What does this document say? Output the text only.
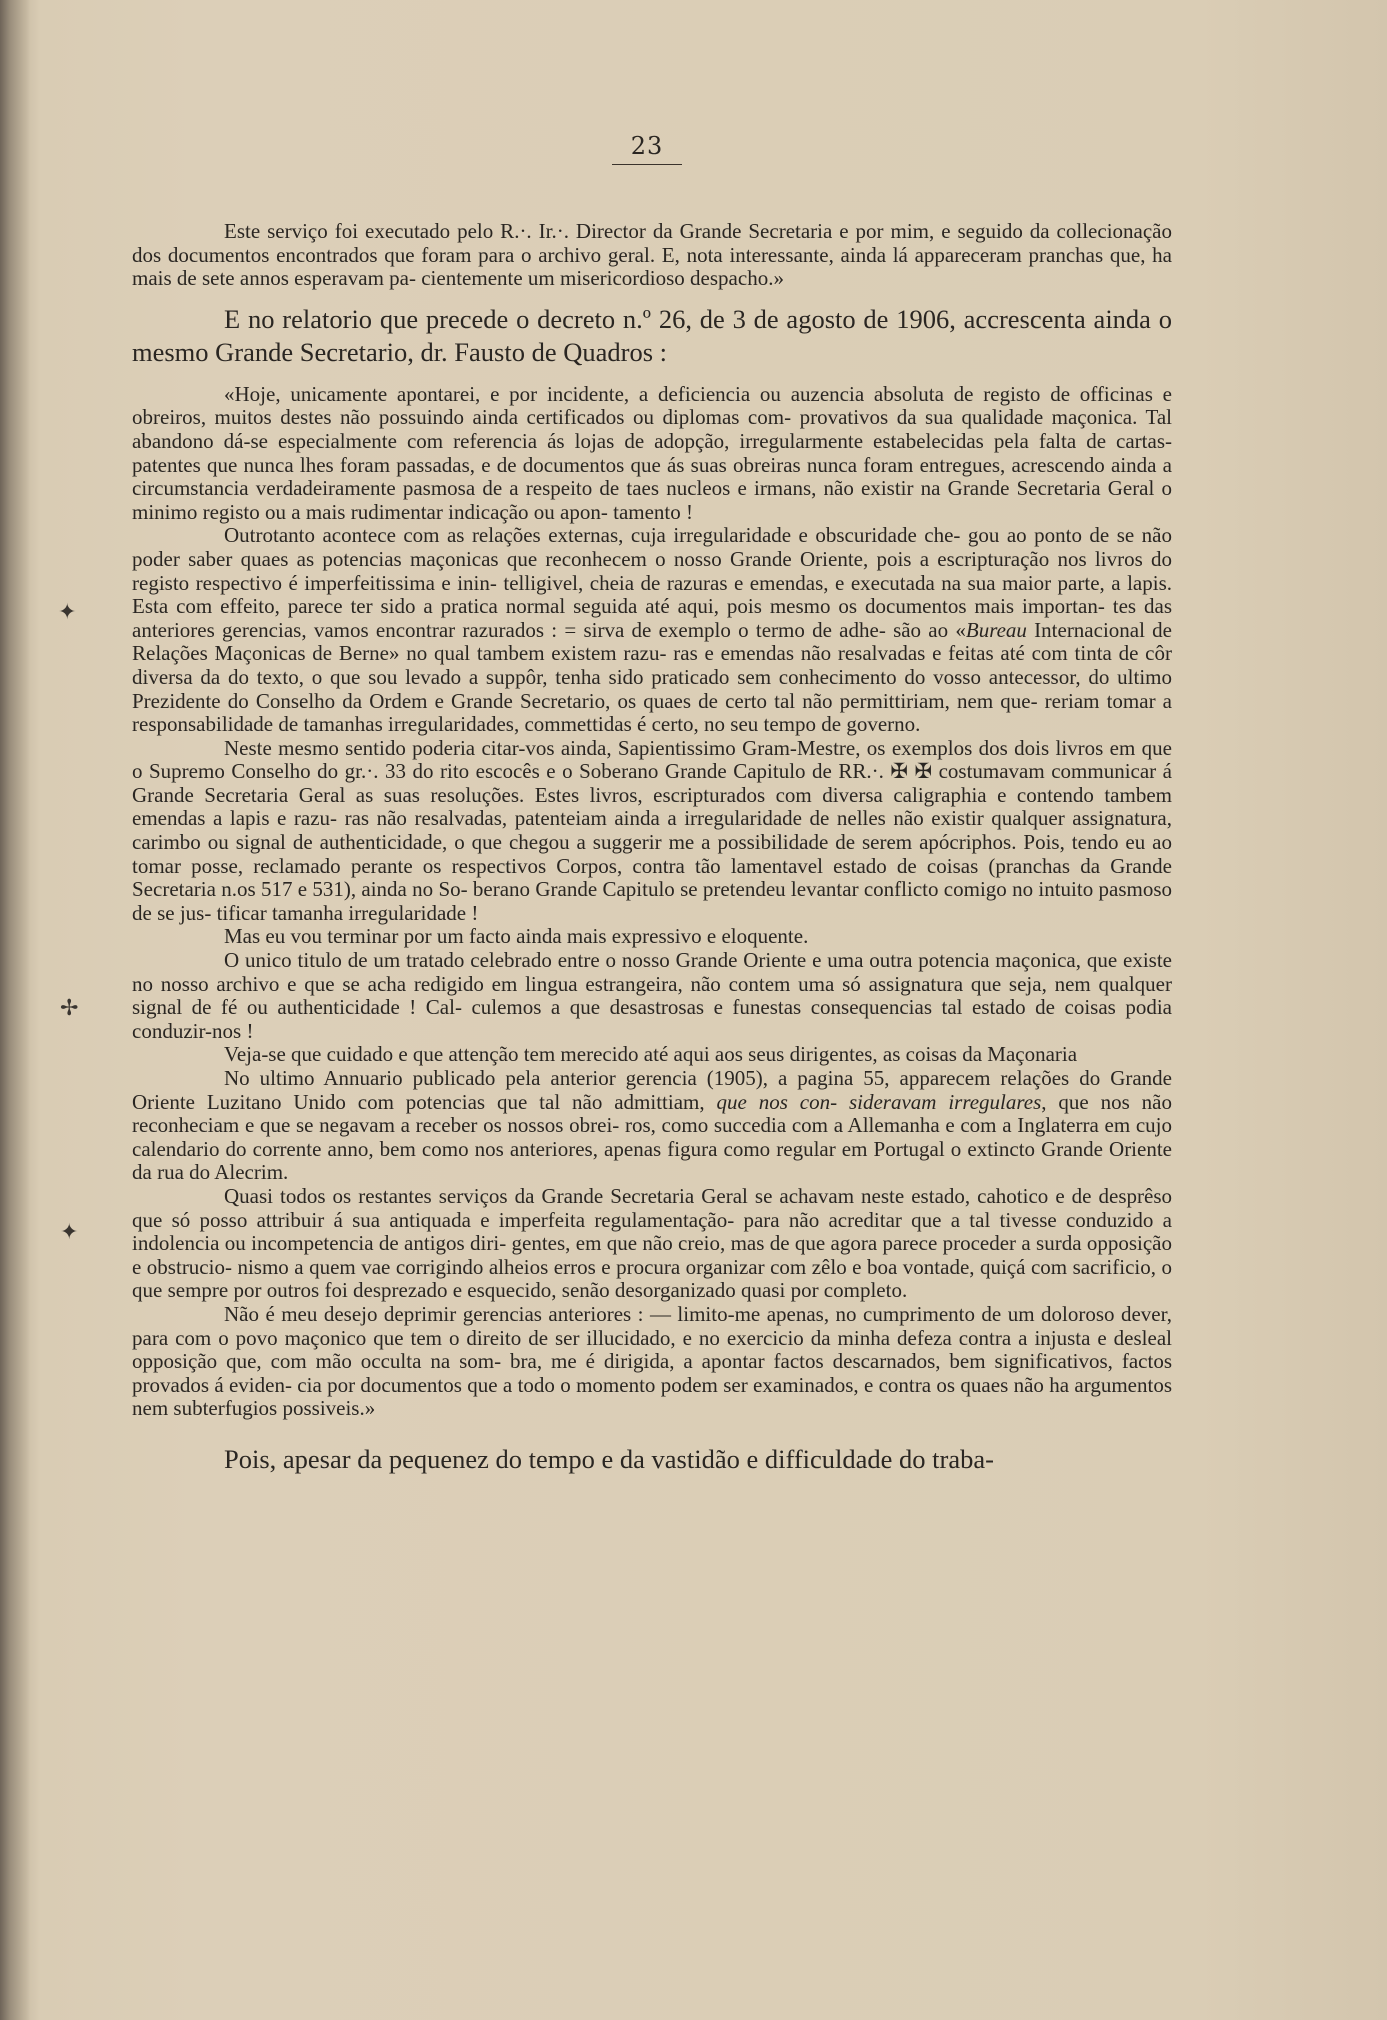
23

Este serviço foi executado pelo R.·. Ir.·. Director da Grande Secretaria e por mim, e seguido da collecionação dos documentos encontrados que foram para o archivo geral. E, nota interessante, ainda lá appareceram pranchas que, ha mais de sete annos esperavam pa- cientemente um misericordioso despacho.»

E no relatorio que precede o decreto n.º 26, de 3 de agosto de 1906, accrescenta ainda o mesmo Grande Secretario, dr. Fausto de Quadros :

«Hoje, unicamente apontarei, e por incidente, a deficiencia ou auzencia absoluta de registo de officinas e obreiros, muitos destes não possuindo ainda certificados ou diplomas com- provativos da sua qualidade maçonica. Tal abandono dá-se especialmente com referencia ás lojas de adopção, irregularmente estabelecidas pela falta de cartas-patentes que nunca lhes foram passadas, e de documentos que ás suas obreiras nunca foram entregues, acrescendo ainda a circumstancia verdadeiramente pasmosa de a respeito de taes nucleos e irmans, não existir na Grande Secretaria Geral o minimo registo ou a mais rudimentar indicação ou apon- tamento !

Outrotanto acontece com as relações externas, cuja irregularidade e obscuridade che- gou ao ponto de se não poder saber quaes as potencias maçonicas que reconhecem o nosso Grande Oriente, pois a escripturação nos livros do registo respectivo é imperfeitissima e inin- telligivel, cheia de razuras e emendas, e executada na sua maior parte, a lapis. Esta com effeito, parece ter sido a pratica normal seguida até aqui, pois mesmo os documentos mais importan- tes das anteriores gerencias, vamos encontrar razurados : = sirva de exemplo o termo de adhe- são ao «Bureau Internacional de Relações Maçonicas de Berne» no qual tambem existem razu- ras e emendas não resalvadas e feitas até com tinta de côr diversa da do texto, o que sou levado a suppôr, tenha sido praticado sem conhecimento do vosso antecessor, do ultimo Prezidente do Conselho da Ordem e Grande Secretario, os quaes de certo tal não permittiriam, nem que- reriam tomar a responsabilidade de tamanhas irregularidades, commettidas é certo, no seu tempo de governo.

Neste mesmo sentido poderia citar-vos ainda, Sapientissimo Gram-Mestre, os exemplos dos dois livros em que o Supremo Conselho do gr.·. 33 do rito escocês e o Soberano Grande Capitulo de RR.·. ✠ ✠ costumavam communicar á Grande Secretaria Geral as suas resoluções. Estes livros, escripturados com diversa caligraphia e contendo tambem emendas a lapis e razu- ras não resalvadas, patenteiam ainda a irregularidade de nelles não existir qualquer assignatura, carimbo ou signal de authenticidade, o que chegou a suggerir me a possibilidade de serem apócriphos. Pois, tendo eu ao tomar posse, reclamado perante os respectivos Corpos, contra tão lamentavel estado de coisas (pranchas da Grande Secretaria n.os 517 e 531), ainda no So- berano Grande Capitulo se pretendeu levantar conflicto comigo no intuito pasmoso de se jus- tificar tamanha irregularidade !

Mas eu vou terminar por um facto ainda mais expressivo e eloquente.

O unico titulo de um tratado celebrado entre o nosso Grande Oriente e uma outra potencia maçonica, que existe no nosso archivo e que se acha redigido em lingua estrangeira, não contem uma só assignatura que seja, nem qualquer signal de fé ou authenticidade ! Cal- culemos a que desastrosas e funestas consequencias tal estado de coisas podia conduzir-nos !

Veja-se que cuidado e que attenção tem merecido até aqui aos seus dirigentes, as coisas da Maçonaria

No ultimo Annuario publicado pela anterior gerencia (1905), a pagina 55, apparecem relações do Grande Oriente Luzitano Unido com potencias que tal não admittiam, que nos con- sideravam irregulares, que nos não reconheciam e que se negavam a receber os nossos obrei- ros, como succedia com a Allemanha e com a Inglaterra em cujo calendario do corrente anno, bem como nos anteriores, apenas figura como regular em Portugal o extincto Grande Oriente da rua do Alecrim.

Quasi todos os restantes serviços da Grande Secretaria Geral se achavam neste estado, cahotico e de desprêso que só posso attribuir á sua antiquada e imperfeita regulamentação- para não acreditar que a tal tivesse conduzido a indolencia ou incompetencia de antigos diri- gentes, em que não creio, mas de que agora parece proceder a surda opposição e obstrucio- nismo a quem vae corrigindo alheios erros e procura organizar com zêlo e boa vontade, quiçá com sacrificio, o que sempre por outros foi desprezado e esquecido, senão desorganizado quasi por completo.

Não é meu desejo deprimir gerencias anteriores : — limito-me apenas, no cumprimento de um doloroso dever, para com o povo maçonico que tem o direito de ser illucidado, e no exercicio da minha defeza contra a injusta e desleal opposição que, com mão occulta na som- bra, me é dirigida, a apontar factos descarnados, bem significativos, factos provados á eviden- cia por documentos que a todo o momento podem ser examinados, e contra os quaes não ha argumentos nem subterfugios possiveis.»

Pois, apesar da pequenez do tempo e da vastidão e difficuldade do traba-

✦
✢
✦
